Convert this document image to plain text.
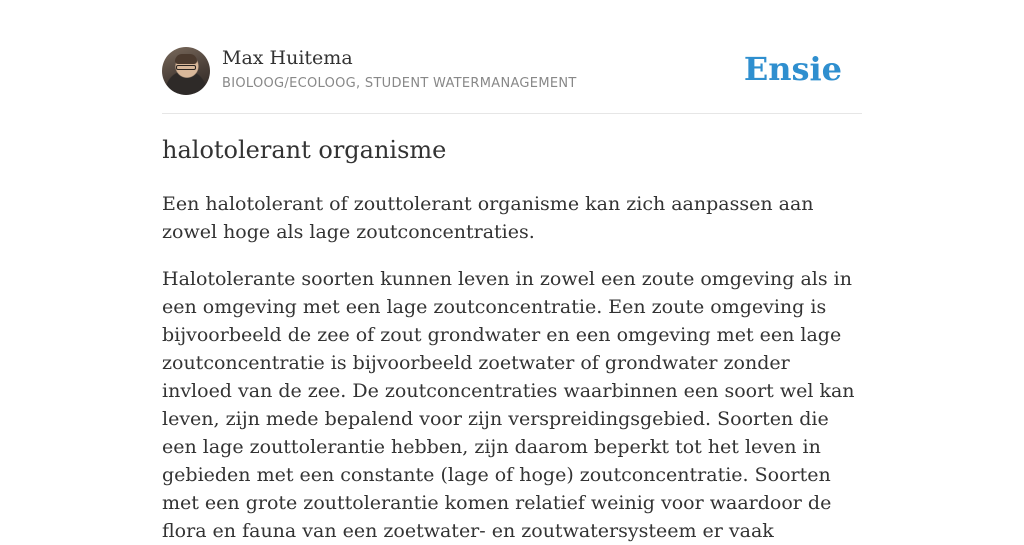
Max Huitema
BIOLOOG/ECOLOOG, STUDENT WATERMANAGEMENT	Ensie
halotolerant organisme

Een halotolerant of zouttolerant organisme kan zich aanpassen aan zowel hoge als lage zoutconcentraties.

Halotolerante soorten kunnen leven in zowel een zoute omgeving als in een omgeving met een lage zoutconcentratie. Een zoute omgeving is bijvoorbeeld de zee of zout grondwater en een omgeving met een lage zoutconcentratie is bijvoorbeeld zoetwater of grondwater zonder invloed van de zee. De zoutconcentraties waarbinnen een soort wel kan leven, zijn mede bepalend voor zijn verspreidingsgebied. Soorten die een lage zouttolerantie hebben, zijn daarom beperkt tot het leven in gebieden met een constante (lage of hoge) zoutconcentratie. Soorten met een grote zouttolerantie komen relatief weinig voor waardoor de flora en fauna van een zoetwater- en zoutwatersysteem er vaak
